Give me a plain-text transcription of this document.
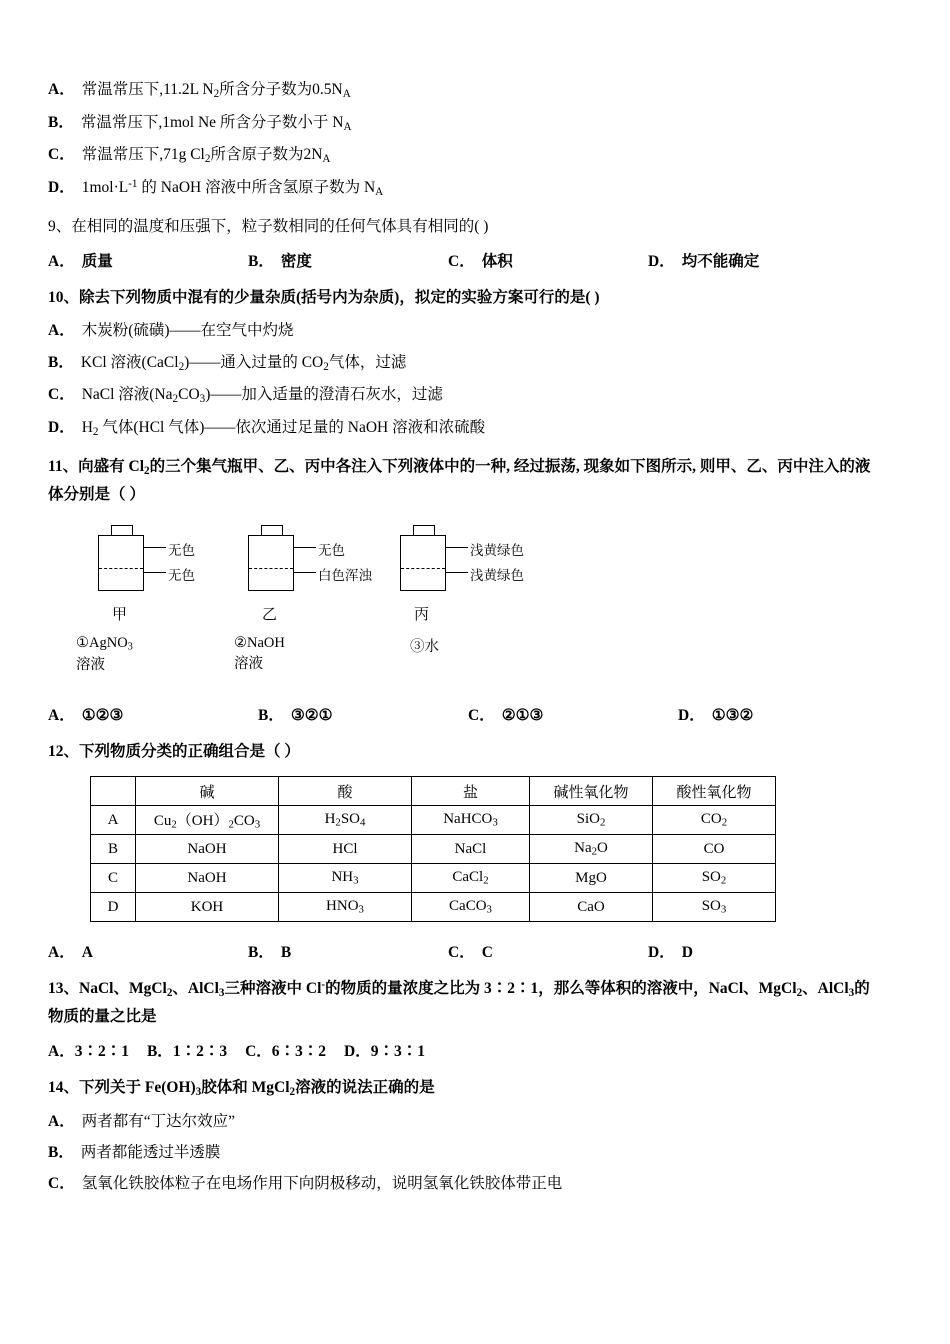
A． 常温常压下,11.2L $N_2$所含分子数为$0.5N_A$
B． 常温常压下,1mol Ne 所含分子数小于 $N_A$
C． 常温常压下,71g $Cl_2$所含原子数为$2N_A$
D． $1mol\cdot L^{-1}$ 的 NaOH 溶液中所含氢原子数为 $N_A$
9、在相同的温度和压强下，粒子数相同的任何气体具有相同的( )
A． 质量	B． 密度	C． 体积	D． 均不能确定
10、除去下列物质中混有的少量杂质(括号内为杂质)，拟定的实验方案可行的是( )
A． 木炭粉(硫磺)——在空气中灼烧
B． KCl 溶液(CaCl$_2$)——通入过量的 $CO_2$气体，过滤
C． NaCl 溶液$(Na_2CO_3)——$加入适量的澄清石灰水，过滤
D． $H_2$ 气体(HCl 气体)——依次通过足量的 NaOH 溶液和浓硫酸
11、向盛有 $Cl_2$的三个集气瓶甲、乙、丙中各注入下列液体中的一种, 经过振荡, 现象如下图所示, 则甲、乙、丙中注入的液
体分别是（ ）
无色
无色
甲
①AgNO$_3$溶液
无色
白色浑浊
乙
②NaOH溶液
浅黄绿色
浅黄绿色
丙
③水
A． ①②③	B． ③②①	C． ②①③	D． ①③②
12、下列物质分类的正确组合是（ ）
	碱	酸	盐	碱性氧化物	酸性氧化物
A	$Cu_2(OH)_2CO_3$	$H_2SO_4$	NaHCO$_3$	SiO$_2$	$CO_2$
B	NaOH	HCl	NaCl	$Na_2O$	CO
C	NaOH	$NH_3$	CaCl$_2$	MgO	$SO_2$
D	KOH	$HNO_3$	CaCO$_3$	CaO	$SO_3$
A． A	B． B	C． C	D． D
13、NaCl、MgCl$_2$、AlCl$_3$三种溶液中 Cl-的物质的量浓度之比为 3∶2∶1，那么等体积的溶液中，NaCl、MgCl$_2$、AlCl$_3$的
物质的量之比是
A．3∶2∶1 B．1∶2∶3 C．6∶3∶2 D．9∶3∶1
14、下列关于 $Fe(OH)_3$胶体和 MgCl$_2$溶液的说法正确的是
A． 两者都有“丁达尔效应”
B． 两者都能透过半透膜
C． 氢氧化铁胶体粒子在电场作用下向阴极移动，说明氢氧化铁胶体带正电
